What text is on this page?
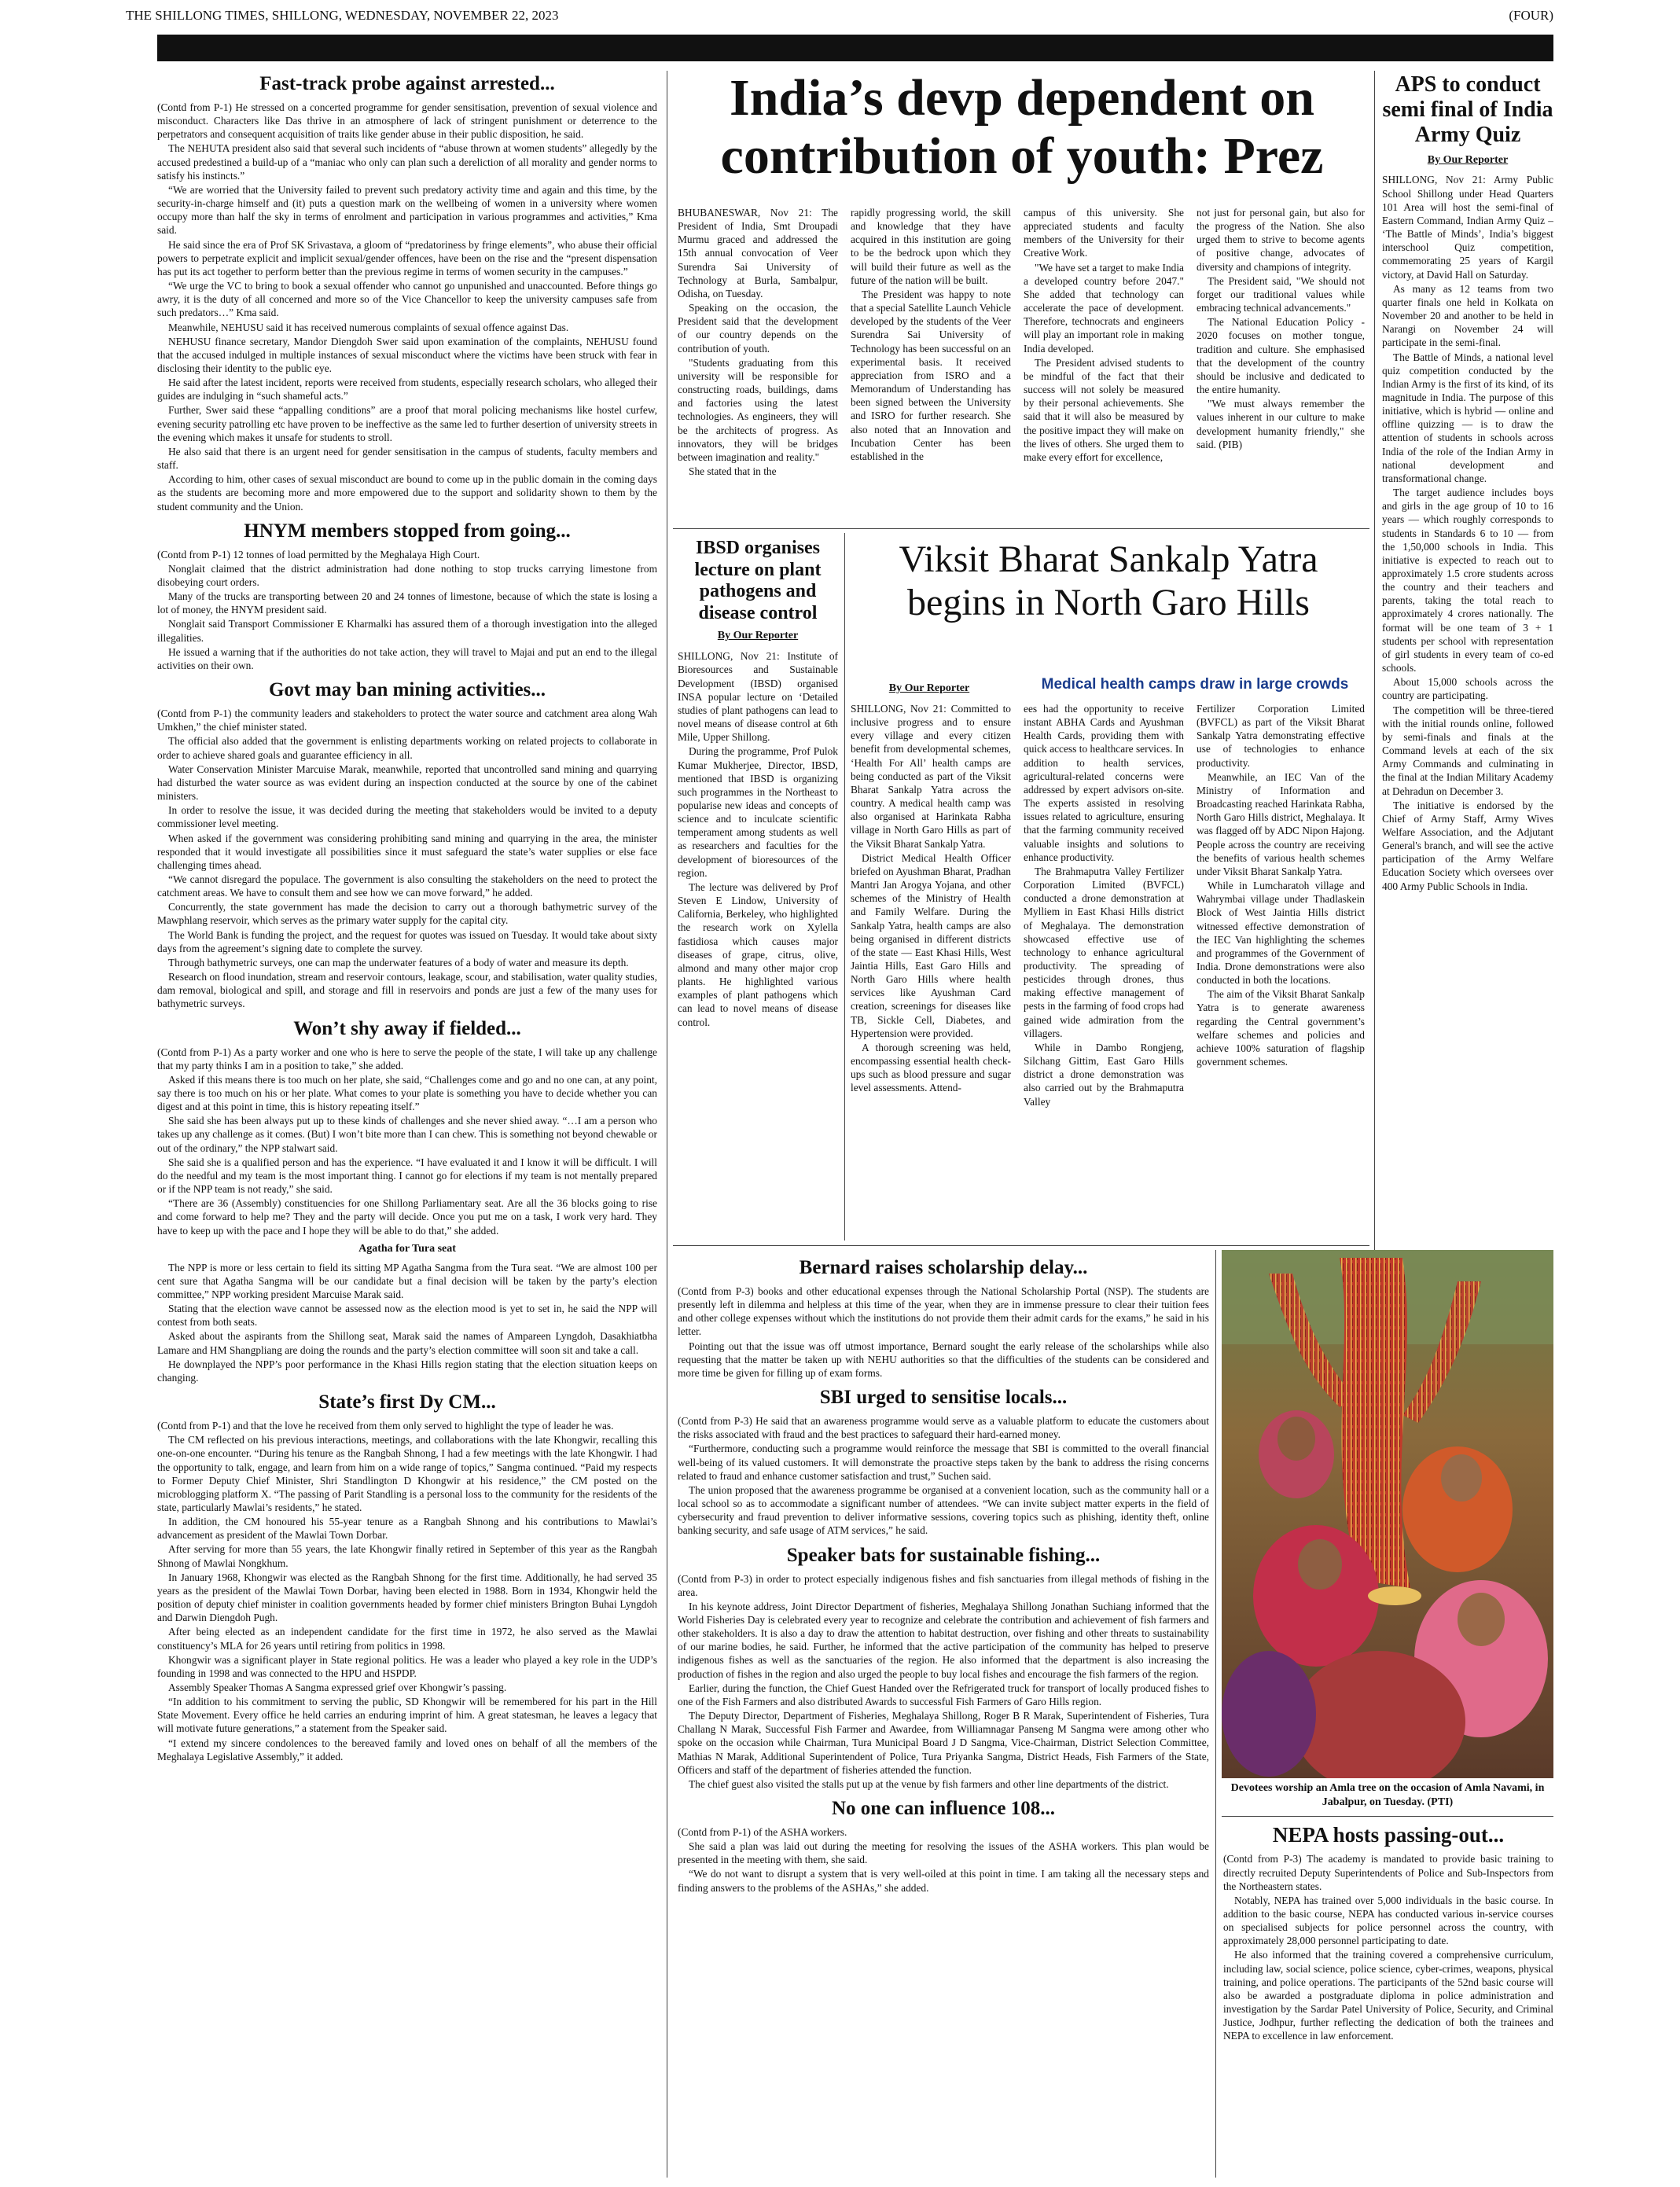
THE SHILLONG TIMES, SHILLONG, WEDNESDAY, NOVEMBER 22, 2023	(FOUR)
Fast-track probe against arrested...

(Contd from P-1) He stressed on a concerted programme for gender sensitisation, prevention of sexual violence and misconduct. Characters like Das thrive in an atmosphere of lack of stringent punishment or deterrence to the perpetrators and consequent acquisition of traits like gender abuse in their public disposition, he said.

The NEHUTA president also said that several such incidents of “abuse thrown at women students” allegedly by the accused predestined a build-up of a “maniac who only can plan such a dereliction of all morality and gender norms to satisfy his instincts.”

“We are worried that the University failed to prevent such predatory activity time and again and this time, by the security-in-charge himself and (it) puts a question mark on the wellbeing of women in a university where women occupy more than half the sky in terms of enrolment and participation in various programmes and activities,” Kma said.

He said since the era of Prof SK Srivastava, a gloom of “predatoriness by fringe elements”, who abuse their official powers to perpetrate explicit and implicit sexual/gender offences, have been on the rise and the “present dispensation has put its act together to perform better than the previous regime in terms of women security in the campuses.”

“We urge the VC to bring to book a sexual offender who cannot go unpunished and unaccounted. Before things go awry, it is the duty of all concerned and more so of the Vice Chancellor to keep the university campuses safe from such predators…” Kma said.

Meanwhile, NEHUSU said it has received numerous complaints of sexual offence against Das.

NEHUSU finance secretary, Mandor Diengdoh Swer said upon examination of the complaints, NEHUSU found that the accused indulged in multiple instances of sexual misconduct where the victims have been struck with fear in disclosing their identity to the public eye.

He said after the latest incident, reports were received from students, especially research scholars, who alleged their guides are indulging in “such shameful acts.”

Further, Swer said these “appalling conditions” are a proof that moral policing mechanisms like hostel curfew, evening security patrolling etc have proven to be ineffective as the same led to further desertion of university streets in the evening which makes it unsafe for students to stroll.

He also said that there is an urgent need for gender sensitisation in the campus of students, faculty members and staff.

According to him, other cases of sexual misconduct are bound to come up in the public domain in the coming days as the students are becoming more and more empowered due to the support and solidarity shown to them by the student community and the Union.

HNYM members stopped from going...

(Contd from P-1) 12 tonnes of load permitted by the Meghalaya High Court.

Nonglait claimed that the district administration had done nothing to stop trucks carrying limestone from disobeying court orders.

Many of the trucks are transporting between 20 and 24 tonnes of limestone, because of which the state is losing a lot of money, the HNYM president said.

Nonglait said Transport Commissioner E Kharmalki has assured them of a thorough investigation into the alleged illegalities.

He issued a warning that if the authorities do not take action, they will travel to Majai and put an end to the illegal activities on their own.

Govt may ban mining activities...

(Contd from P-1) the community leaders and stakeholders to protect the water source and catchment area along Wah Umkhen,” the chief minister stated.

The official also added that the government is enlisting departments working on related projects to collaborate in order to achieve shared goals and guarantee efficiency in all.

Water Conservation Minister Marcuise Marak, meanwhile, reported that uncontrolled sand mining and quarrying had disturbed the water source as was evident during an inspection conducted at the source by one of the cabinet ministers.

In order to resolve the issue, it was decided during the meeting that stakeholders would be invited to a deputy commissioner level meeting.

When asked if the government was considering prohibiting sand mining and quarrying in the area, the minister responded that it would investigate all possibilities since it must safeguard the state’s water supplies or else face challenging times ahead.

“We cannot disregard the populace. The government is also consulting the stakeholders on the need to protect the catchment areas. We have to consult them and see how we can move forward,” he added.

Concurrently, the state government has made the decision to carry out a thorough bathymetric survey of the Mawphlang reservoir, which serves as the primary water supply for the capital city.

The World Bank is funding the project, and the request for quotes was issued on Tuesday. It would take about sixty days from the agreement’s signing date to complete the survey.

Through bathymetric surveys, one can map the underwater features of a body of water and measure its depth.

Research on flood inundation, stream and reservoir contours, leakage, scour, and stabilisation, water quality studies, dam removal, biological and spill, and storage and fill in reservoirs and ponds are just a few of the many uses for bathymetric surveys.

Won’t shy away if fielded...

(Contd from P-1) As a party worker and one who is here to serve the people of the state, I will take up any challenge that my party thinks I am in a position to take,” she added.

Asked if this means there is too much on her plate, she said, “Challenges come and go and no one can, at any point, say there is too much on his or her plate. What comes to your plate is something you have to decide whether you can digest and at this point in time, this is history repeating itself.”

She said she has been always put up to these kinds of challenges and she never shied away. “…I am a person who takes up any challenge as it comes. (But) I won’t bite more than I can chew. This is something not beyond chewable or out of the ordinary,” the NPP stalwart said.

She said she is a qualified person and has the experience. “I have evaluated it and I know it will be difficult. I will do the needful and my team is the most important thing. I cannot go for elections if my team is not mentally prepared or if the NPP team is not ready,” she said.

“There are 36 (Assembly) constituencies for one Shillong Parliamentary seat. Are all the 36 blocks going to rise and come forward to help me? They and the party will decide. Once you put me on a task, I work very hard. They have to keep up with the pace and I hope they will be able to do that,” she added.

Agatha for Tura seat

The NPP is more or less certain to field its sitting MP Agatha Sangma from the Tura seat. “We are almost 100 per cent sure that Agatha Sangma will be our candidate but a final decision will be taken by the party’s election committee,” NPP working president Marcuise Marak said.

Stating that the election wave cannot be assessed now as the election mood is yet to set in, he said the NPP will contest from both seats.

Asked about the aspirants from the Shillong seat, Marak said the names of Ampareen Lyngdoh, Dasakhiatbha Lamare and HM Shangpliang are doing the rounds and the party’s election committee will soon sit and take a call.

He downplayed the NPP’s poor performance in the Khasi Hills region stating that the election situation keeps on changing.

State’s first Dy CM...

(Contd from P-1) and that the love he received from them only served to highlight the type of leader he was.

The CM reflected on his previous interactions, meetings, and collaborations with the late Khongwir, recalling this one-on-one encounter. “During his tenure as the Rangbah Shnong, I had a few meetings with the late Khongwir. I had the opportunity to talk, engage, and learn from him on a wide range of topics,” Sangma continued. “Paid my respects to Former Deputy Chief Minister, Shri Standlington D Khongwir at his residence,” the CM posted on the microblogging platform X. “The passing of Parit Standling is a personal loss to the community for the residents of the state, particularly Mawlai’s residents,” he stated.

In addition, the CM honoured his 55-year tenure as a Rangbah Shnong and his contributions to Mawlai’s advancement as president of the Mawlai Town Dorbar.

After serving for more than 55 years, the late Khongwir finally retired in September of this year as the Rangbah Shnong of Mawlai Nongkhum.

In January 1968, Khongwir was elected as the Rangbah Shnong for the first time. Additionally, he had served 35 years as the president of the Mawlai Town Dorbar, having been elected in 1988. Born in 1934, Khongwir held the position of deputy chief minister in coalition governments headed by former chief ministers Brington Buhai Lyngdoh and Darwin Diengdoh Pugh.

After being elected as an independent candidate for the first time in 1972, he also served as the Mawlai constituency’s MLA for 26 years until retiring from politics in 1998.

Khongwir was a significant player in State regional politics. He was a leader who played a key role in the UDP’s founding in 1998 and was connected to the HPU and HSPDP.

Assembly Speaker Thomas A Sangma expressed grief over Khongwir’s passing.

“In addition to his commitment to serving the public, SD Khongwir will be remembered for his part in the Hill State Movement. Every office he held carries an enduring imprint of him. A great statesman, he leaves a legacy that will motivate future generations,” a statement from the Speaker said.

“I extend my sincere condolences to the bereaved family and loved ones on behalf of all the members of the Meghalaya Legislative Assembly,” it added.

India’s devp dependent on contribution of youth: Prez

BHUBANESWAR, Nov 21: The President of India, Smt Droupadi Murmu graced and addressed the 15th annual convocation of Veer Surendra Sai University of Technology at Burla, Sambalpur, Odisha, on Tuesday.

Speaking on the occasion, the President said that the development of our country depends on the contribution of youth.

"Students graduating from this university will be responsible for constructing roads, buildings, dams and factories using the latest technologies. As engineers, they will be the architects of progress. As innovators, they will be bridges between imagination and reality."

She stated that in the

rapidly progressing world, the skill and knowledge that they have acquired in this institution are going to be the bedrock upon which they will build their future as well as the future of the nation will be built.

The President was happy to note that a special Satellite Launch Vehicle developed by the students of the Veer Surendra Sai University of Technology has been successful on an experimental basis. It received appreciation from ISRO and a Memorandum of Understanding has been signed between the University and ISRO for further research. She also noted that an Innovation and Incubation Center has been established in the

campus of this university. She appreciated students and faculty members of the University for their Creative Work.

"We have set a target to make India a developed country before 2047." She added that technology can accelerate the pace of development. Therefore, technocrats and engineers will play an important role in making India developed.

The President advised students to be mindful of the fact that their success will not solely be measured by their personal achievements. She said that it will also be measured by the positive impact they will make on the lives of others. She urged them to make every effort for excellence,

not just for personal gain, but also for the progress of the Nation. She also urged them to strive to become agents of positive change, advocates of diversity and champions of integrity.

The President said, "We should not forget our traditional values while embracing technical advancements."

The National Education Policy - 2020 focuses on mother tongue, tradition and culture. She emphasised that the development of the country should be inclusive and dedicated to the entire humanity.

"We must always remember the values inherent in our culture to make development humanity friendly," she said. (PIB)

APS to conduct semi final of India Army Quiz
By Our Reporter

SHILLONG, Nov 21: Army Public School Shillong under Head Quarters 101 Area will host the semi-final of Eastern Command, Indian Army Quiz – ‘The Battle of Minds’, India’s biggest interschool Quiz competition, commemorating 25 years of Kargil victory, at David Hall on Saturday.

As many as 12 teams from two quarter finals one held in Kolkata on November 20 and another to be held in Narangi on November 24 will participate in the semi-final.

The Battle of Minds, a national level quiz competition conducted by the Indian Army is the first of its kind, of its magnitude in India. The purpose of this initiative, which is hybrid — online and offline quizzing — is to draw the attention of students in schools across India of the role of the Indian Army in national development and transformational change.

The target audience includes boys and girls in the age group of 10 to 16 years — which roughly corresponds to students in Standards 6 to 10 — from the 1,50,000 schools in India. This initiative is expected to reach out to approximately 1.5 crore students across the country and their teachers and parents, taking the total reach to approximately 4 crores nationally. The format will be one team of 3 + 1 students per school with representation of girl students in every team of co-ed schools.

About 15,000 schools across the country are participating.

The competition will be three-tiered with the initial rounds online, followed by semi-finals and finals at the Command levels at each of the six Army Commands and culminating in the final at the Indian Military Academy at Dehradun on December 3.

The initiative is endorsed by the Chief of Army Staff, Army Wives Welfare Association, and the Adjutant General's branch, and will see the active participation of the Army Welfare Education Society which oversees over 400 Army Public Schools in India.

IBSD organises lecture on plant pathogens and disease control
By Our Reporter

SHILLONG, Nov 21: Institute of Bioresources and Sustainable Development (IBSD) organised INSA popular lecture on ‘Detailed studies of plant pathogens can lead to novel means of disease control at 6th Mile, Upper Shillong.

During the programme, Prof Pulok Kumar Mukherjee, Director, IBSD, mentioned that IBSD is organizing such programmes in the Northeast to popularise new ideas and concepts of science and to inculcate scientific temperament among students as well as researchers and faculties for the development of bioresources of the region.

The lecture was delivered by Prof Steven E Lindow, University of California, Berkeley, who highlighted the research work on Xylella fastidiosa which causes major diseases of grape, citrus, olive, almond and many other major crop plants. He highlighted various examples of plant pathogens which can lead to novel means of disease control.

Viksit Bharat Sankalp Yatra begins in North Garo Hills
By Our Reporter	Medical health camps draw in large crowds

SHILLONG, Nov 21: Committed to inclusive progress and to ensure every village and every citizen benefit from developmental schemes, ‘Health For All’ health camps are being conducted as part of the Viksit Bharat Sankalp Yatra across the country. A medical health camp was also organised at Harinkata Rabha village in North Garo Hills as part of the Viksit Bharat Sankalp Yatra.

District Medical Health Officer briefed on Ayushman Bharat, Pradhan Mantri Jan Arogya Yojana, and other schemes of the Ministry of Health and Family Welfare. During the Sankalp Yatra, health camps are also being organised in different districts of the state — East Khasi Hills, West Jaintia Hills, East Garo Hills and North Garo Hills where health services like Ayushman Card creation, screenings for diseases like TB, Sickle Cell, Diabetes, and Hypertension were provided.

A thorough screening was held, encompassing essential health check-ups such as blood pressure and sugar level assessments. Attend-

ees had the opportunity to receive instant ABHA Cards and Ayushman Health Cards, providing them with quick access to healthcare services. In addition to health services, agricultural-related concerns were addressed by expert advisors on-site. The experts assisted in resolving issues related to agriculture, ensuring that the farming community received valuable insights and solutions to enhance productivity.

The Brahmaputra Valley Fertilizer Corporation Limited (BVFCL) conducted a drone demonstration at Mylliem in East Khasi Hills district of Meghalaya. The demonstration showcased effective use of technology to enhance agricultural productivity. The spreading of pesticides through drones, thus making effective management of pests in the farming of food crops had gained wide admiration from the villagers.

While in Dambo Rongjeng, Silchang Gittim, East Garo Hills district a drone demonstration was also carried out by the Brahmaputra Valley

Fertilizer Corporation Limited (BVFCL) as part of the Viksit Bharat Sankalp Yatra demonstrating effective use of technologies to enhance productivity.

Meanwhile, an IEC Van of the Ministry of Information and Broadcasting reached Harinkata Rabha, North Garo Hills district, Meghalaya. It was flagged off by ADC Nipon Hajong. People across the country are receiving the benefits of various health schemes under Viksit Bharat Sankalp Yatra.

While in Lumcharatoh village and Wahrymbai village under Thadlaskein Block of West Jaintia Hills district witnessed effective demonstration of the IEC Van highlighting the schemes and programmes of the Government of India. Drone demonstrations were also conducted in both the locations.

The aim of the Viksit Bharat Sankalp Yatra is to generate awareness regarding the Central government’s welfare schemes and policies and achieve 100% saturation of flagship government schemes.

Bernard raises scholarship delay...

(Contd from P-3) books and other educational expenses through the National Scholarship Portal (NSP). The students are presently left in dilemma and helpless at this time of the year, when they are in immense pressure to clear their tuition fees and other college expenses without which the institutions do not provide them their admit cards for the exams,” he said in his letter.

Pointing out that the issue was off utmost importance, Bernard sought the early release of the scholarships while also requesting that the matter be taken up with NEHU authorities so that the difficulties of the students can be considered and more time be given for filling up of exam forms.

SBI urged to sensitise locals...

(Contd from P-3) He said that an awareness programme would serve as a valuable platform to educate the customers about the risks associated with fraud and the best practices to safeguard their hard-earned money.

“Furthermore, conducting such a programme would reinforce the message that SBI is committed to the overall financial well-being of its valued customers. It will demonstrate the proactive steps taken by the bank to address the rising concerns related to fraud and enhance customer satisfaction and trust,” Suchen said.

The union proposed that the awareness programme be organised at a convenient location, such as the community hall or a local school so as to accommodate a significant number of attendees. “We can invite subject matter experts in the field of cybersecurity and fraud prevention to deliver informative sessions, covering topics such as phishing, identity theft, online banking security, and safe usage of ATM services,” he said.

Speaker bats for sustainable fishing...

(Contd from P-3) in order to protect especially indigenous fishes and fish sanctuaries from illegal methods of fishing in the area.

In his keynote address, Joint Director Department of fisheries, Meghalaya Shillong Jonathan Suchiang informed that the World Fisheries Day is celebrated every year to recognize and celebrate the contribution and achievement of fish farmers and other stakeholders. It is also a day to draw the attention to habitat destruction, over fishing and other threats to sustainability of our marine bodies, he said. Further, he informed that the active participation of the community has helped to preserve indigenous fishes as well as the sanctuaries of the region. He also informed that the department is also increasing the production of fishes in the region and also urged the people to buy local fishes and encourage the fish farmers of the region.

Earlier, during the function, the Chief Guest Handed over the Refrigerated truck for transport of locally produced fishes to one of the Fish Farmers and also distributed Awards to successful Fish Farmers of Garo Hills region.

The Deputy Director, Department of Fisheries, Meghalaya Shillong, Roger B R Marak, Superintendent of Fisheries, Tura Challang N Marak, Successful Fish Farmer and Awardee, from Williamnagar Panseng M Sangma were among other who spoke on the occasion while Chairman, Tura Municipal Board J D Sangma, Vice-Chairman, District Selection Committee, Mathias N Marak, Additional Superintendent of Police, Tura Priyanka Sangma, District Heads, Fish Farmers of the State, Officers and staff of the department of fisheries attended the function.

The chief guest also visited the stalls put up at the venue by fish farmers and other line departments of the district.

No one can influence 108...

(Contd from P-1) of the ASHA workers.

She said a plan was laid out during the meeting for resolving the issues of the ASHA workers. This plan would be presented in the meeting with them, she said.

“We do not want to disrupt a system that is very well-oiled at this point in time. I am taking all the necessary steps and finding answers to the problems of the ASHAs,” she added.

Devotees worship an Amla tree on the occasion of Amla Navami, in Jabalpur, on Tuesday. (PTI)
NEPA hosts passing-out...

(Contd from P-3) The academy is mandated to provide basic training to directly recruited Deputy Superintendents of Police and Sub-Inspectors from the Northeastern states.

Notably, NEPA has trained over 5,000 individuals in the basic course. In addition to the basic course, NEPA has conducted various in-service courses on specialised subjects for police personnel across the country, with approximately 28,000 personnel participating to date.

He also informed that the training covered a comprehensive curriculum, including law, social science, police science, cyber-crimes, weapons, physical training, and police operations. The participants of the 52nd basic course will also be awarded a postgraduate diploma in police administration and investigation by the Sardar Patel University of Police, Security, and Criminal Justice, Jodhpur, further reflecting the dedication of both the trainees and NEPA to excellence in law enforcement.
